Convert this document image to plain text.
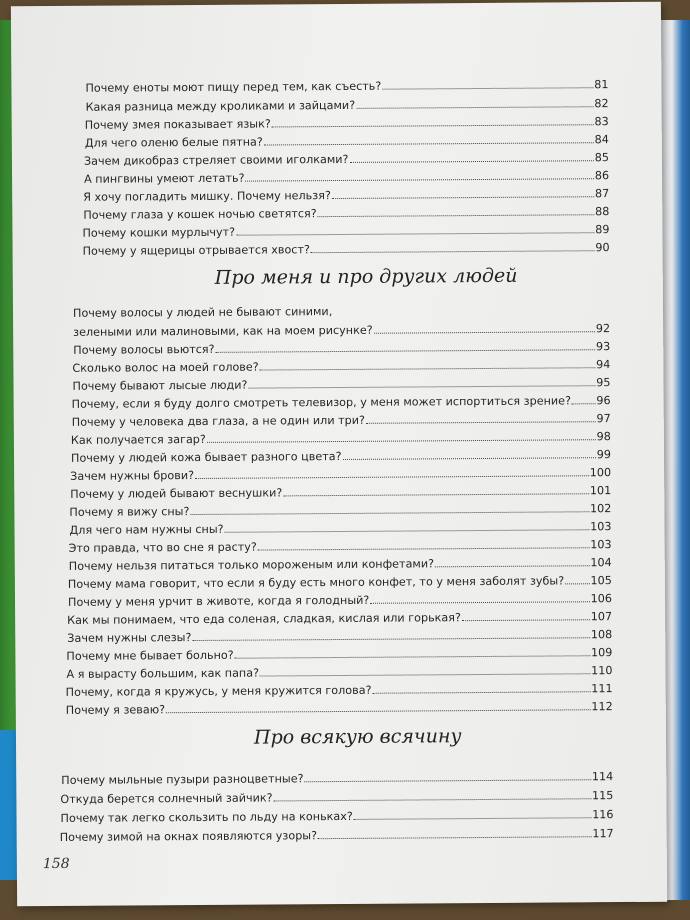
Почему еноты моют пищу перед тем, как съесть?	81
Какая разница между кроликами и зайцами?	82
Почему змея показывает язык?	83
Для чего оленю белые пятна?	84
Зачем дикобраз стреляет своими иголками?	85
А пингвины умеют летать?	86
Я хочу погладить мишку. Почему нельзя?	87
Почему глаза у кошек ночью светятся?	88
Почему кошки мурлычут?	89
Почему у ящерицы отрывается хвост?	90
Про меня и про других людей
Почему волосы у людей не бывают синими,
зелеными или малиновыми, как на моем рисунке?	92
Почему волосы вьются?	93
Сколько волос на моей голове?	94
Почему бывают лысые люди?	95
Почему, если я буду долго смотреть телевизор, у меня может испортиться зрение? 96
Почему у человека два глаза, а не один или три?	97
Как получается загар?	98
Почему у людей кожа бывает разного цвета?	99
Зачем нужны брови?	100
Почему у людей бывают веснушки?	101
Почему я вижу сны?	102
Для чего нам нужны сны?	103
Это правда, что во сне я расту?	103
Почему нельзя питаться только мороженым или конфетами?	104
Почему мама говорит, что если я буду есть много конфет, то у меня заболят зубы? 105
Почему у меня урчит в животе, когда я голодный?	106
Как мы понимаем, что еда соленая, сладкая, кислая или горькая?	107
Зачем нужны слезы?	108
Почему мне бывает больно?	109
А я вырасту большим, как папа?	110
Почему, когда я кружусь, у меня кружится голова?	111
Почему я зеваю?	112
Про всякую всячину
Почему мыльные пузыри разноцветные?	114
Откуда берется солнечный зайчик?	115
Почему так легко скользить по льду на коньках?	116
Почему зимой на окнах появляются узоры?	117
158
